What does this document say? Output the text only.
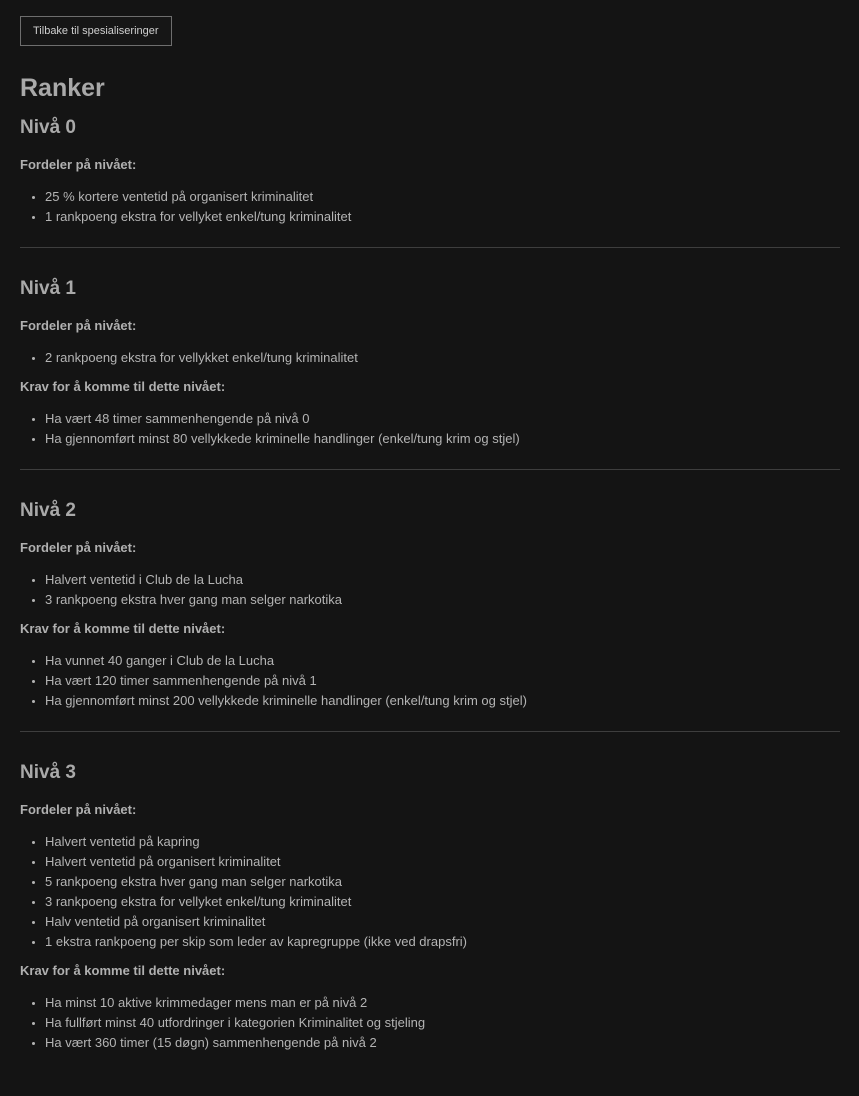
Tilbake til spesialiseringer
Ranker
Nivå 0
Fordeler på nivået:
• 25 % kortere ventetid på organisert kriminalitet
• 1 rankpoeng ekstra for vellyket enkel/tung kriminalitet
Nivå 1
Fordeler på nivået:
• 2 rankpoeng ekstra for vellykket enkel/tung kriminalitet
Krav for å komme til dette nivået:
• Ha vært 48 timer sammenhengende på nivå 0
• Ha gjennomført minst 80 vellykkede kriminelle handlinger (enkel/tung krim og stjel)
Nivå 2
Fordeler på nivået:
• Halvert ventetid i Club de la Lucha
• 3 rankpoeng ekstra hver gang man selger narkotika
Krav for å komme til dette nivået:
• Ha vunnet 40 ganger i Club de la Lucha
• Ha vært 120 timer sammenhengende på nivå 1
• Ha gjennomført minst 200 vellykkede kriminelle handlinger (enkel/tung krim og stjel)
Nivå 3
Fordeler på nivået:
• Halvert ventetid på kapring
• Halvert ventetid på organisert kriminalitet
• 5 rankpoeng ekstra hver gang man selger narkotika
• 3 rankpoeng ekstra for vellyket enkel/tung kriminalitet
• Halv ventetid på organisert kriminalitet
• 1 ekstra rankpoeng per skip som leder av kapregruppe (ikke ved drapsfri)
Krav for å komme til dette nivået:
• Ha minst 10 aktive krimmedager mens man er på nivå 2
• Ha fullført minst 40 utfordringer i kategorien Kriminalitet og stjeling
• Ha vært 360 timer (15 døgn) sammenhengende på nivå 2
